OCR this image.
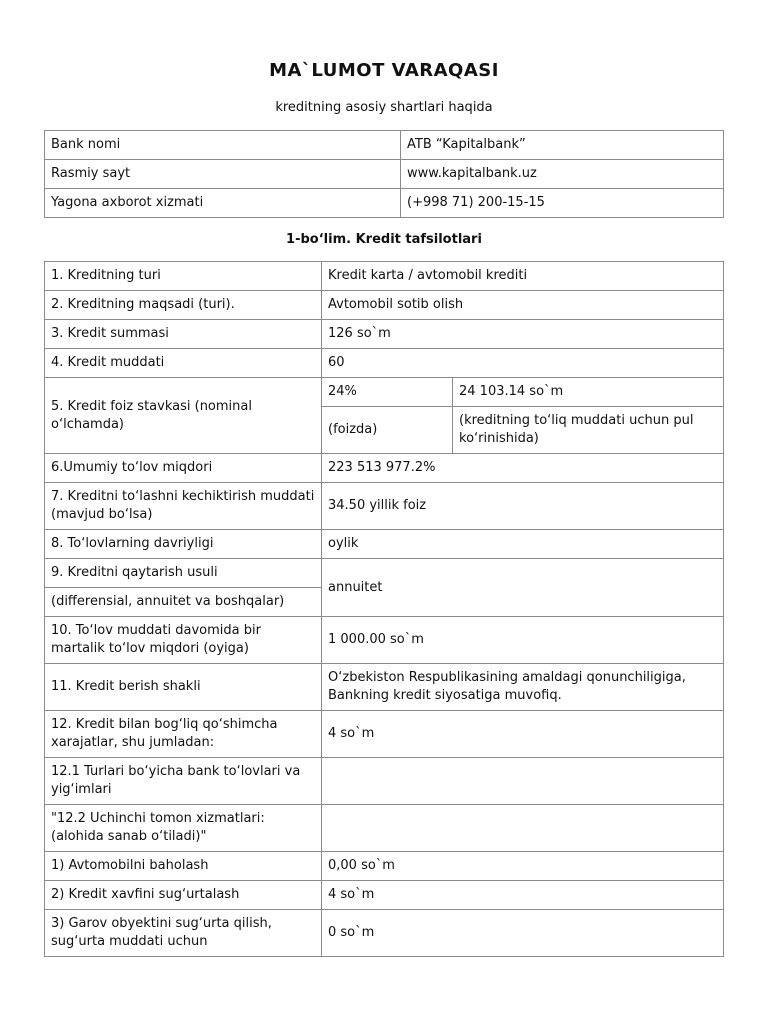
MA`LUMOT VARAQASI
kreditning asosiy shartlari haqida
Bank nomi	ATB “Kapitalbank”
Rasmiy sayt	www.kapitalbank.uz
Yagona axborot xizmati	(+998 71) 200-15-15
1-bo‘lim. Kredit tafsilotlari
1. Kreditning turi	Kredit karta / avtomobil krediti	
2. Kreditning maqsadi (turi).	Avtomobil sotib olish	
3. Kredit summasi	126 so`m	
4. Kredit muddati	60	
5. Kredit foiz stavkasi (nominal o‘lchamda)	24%	24 103.14 so`m
	(foizda)	(kreditning to‘liq muddati uchun pul ko‘rinishida)
6.Umumiy to‘lov miqdori	223 513 977.2%	
7. Kreditni to‘lashni kechiktirish muddati (mavjud bo‘lsa)	34.50 yillik foiz	
8. To‘lovlarning davriyligi	oylik	
9. Kreditni qaytarish usuli	annuitet	
(differensial, annuitet va boshqalar)		
10. To‘lov muddati davomida bir martalik to‘lov miqdori (oyiga)	1 000.00 so`m	
11. Kredit berish shakli	O‘zbekiston Respublikasining amaldagi qonunchiligiga, Bankning kredit siyosatiga muvofiq.	
12. Kredit bilan bog‘liq qo‘shimcha xarajatlar, shu jumladan:	4 so`m	
12.1 Turlari bo‘yicha bank to‘lovlari va yig‘imlari		
"12.2 Uchinchi tomon xizmatlari: (alohida sanab o‘tiladi)"		
1) Avtomobilni baholash	0,00 so`m	
2) Kredit xavfini sug‘urtalash	4 so`m	
3) Garov obyektini sug‘urta qilish, sug‘urta muddati uchun	0 so`m	
